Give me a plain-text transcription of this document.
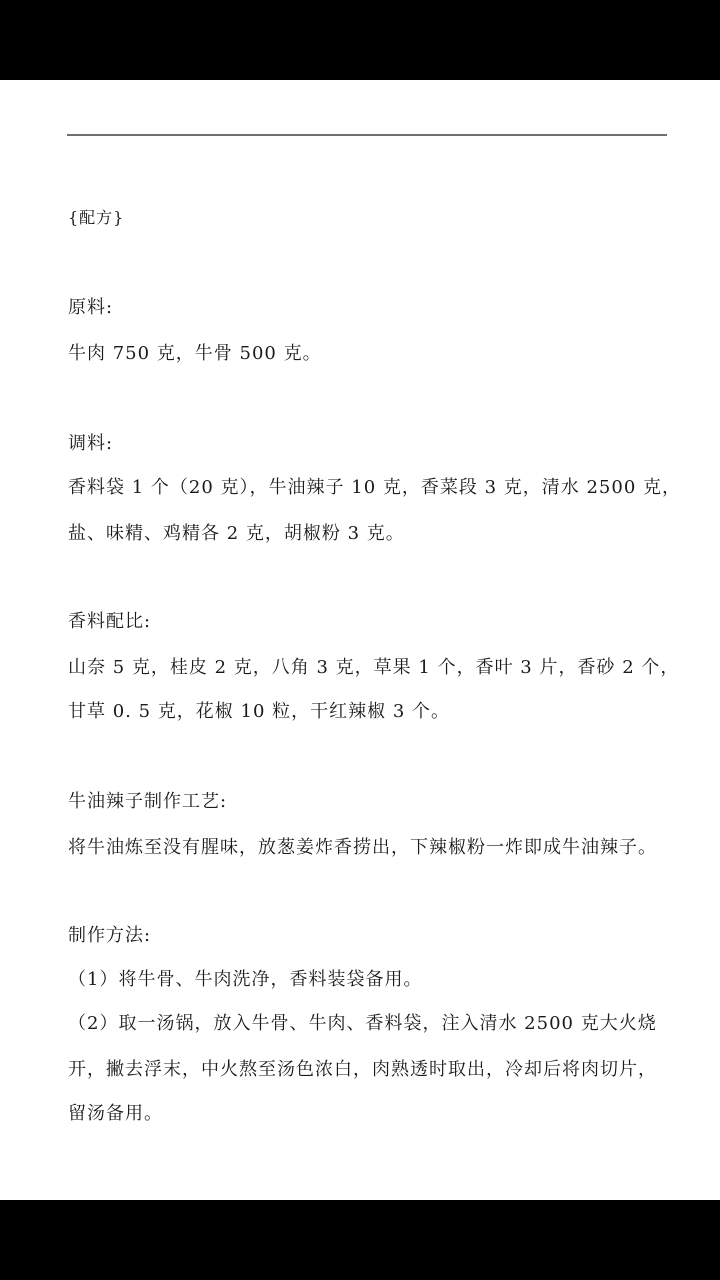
{配方}
原料:
牛肉 750 克，牛骨 500 克。
调料:
香料袋 1 个（20 克），牛油辣子 10 克，香菜段 3 克，清水 2500 克，
盐、味精、鸡精各 2 克，胡椒粉 3 克。
香料配比:
山奈 5 克，桂皮 2 克，八角 3 克，草果 1 个，香叶 3 片，香砂 2 个，
甘草 0. 5 克，花椒 10 粒，干红辣椒 3 个。
牛油辣子制作工艺:
将牛油炼至没有腥味，放葱姜炸香捞出，下辣椒粉一炸即成牛油辣子。
制作方法:
（1）将牛骨、牛肉洗净，香料装袋备用。
（2）取一汤锅，放入牛骨、牛肉、香料袋，注入清水 2500 克大火烧
开，撇去浮末，中火熬至汤色浓白，肉熟透时取出，冷却后将肉切片，
留汤备用。
